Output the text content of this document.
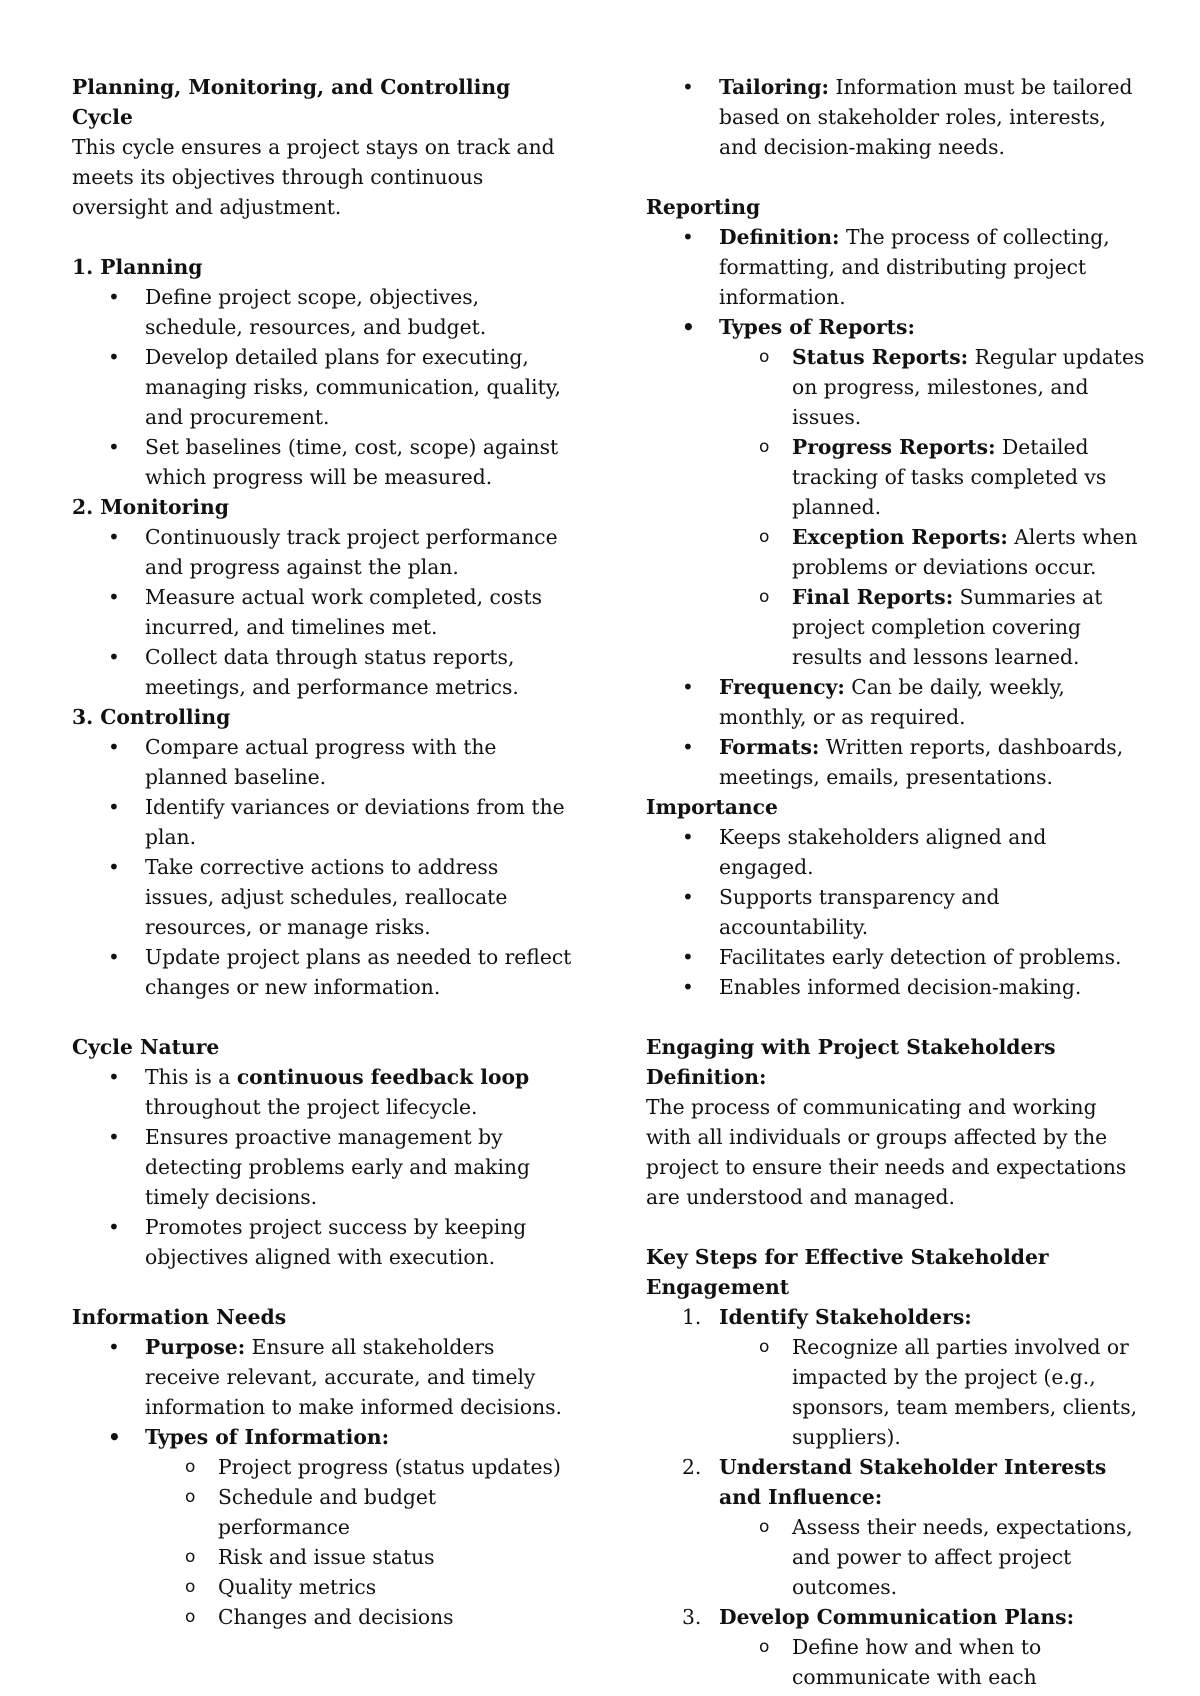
Planning, Monitoring, and Controlling Cycle
This cycle ensures a project stays on track and meets its objectives through continuous oversight and adjustment.
1. Planning
• Define project scope, objectives, schedule, resources, and budget.
• Develop detailed plans for executing, managing risks, communication, quality, and procurement.
• Set baselines (time, cost, scope) against which progress will be measured.
2. Monitoring
• Continuously track project performance and progress against the plan.
• Measure actual work completed, costs incurred, and timelines met.
• Collect data through status reports, meetings, and performance metrics.
3. Controlling
• Compare actual progress with the planned baseline.
• Identify variances or deviations from the plan.
• Take corrective actions to address issues, adjust schedules, reallocate resources, or manage risks.
• Update project plans as needed to reflect changes or new information.
Cycle Nature
• This is a continuous feedback loop throughout the project lifecycle.
• Ensures proactive management by detecting problems early and making timely decisions.
• Promotes project success by keeping objectives aligned with execution.
Information Needs
• Purpose: Ensure all stakeholders receive relevant, accurate, and timely information to make informed decisions.
• Types of Information:
o Project progress (status updates)
o Schedule and budget performance
o Risk and issue status
o Quality metrics
o Changes and decisions
• Tailoring: Information must be tailored based on stakeholder roles, interests, and decision-making needs.
Reporting
• Definition: The process of collecting, formatting, and distributing project information.
• Types of Reports:
o Status Reports: Regular updates on progress, milestones, and issues.
o Progress Reports: Detailed tracking of tasks completed vs planned.
o Exception Reports: Alerts when problems or deviations occur.
o Final Reports: Summaries at project completion covering results and lessons learned.
• Frequency: Can be daily, weekly, monthly, or as required.
• Formats: Written reports, dashboards, meetings, emails, presentations.
Importance
• Keeps stakeholders aligned and engaged.
• Supports transparency and accountability.
• Facilitates early detection of problems.
• Enables informed decision-making.
Engaging with Project Stakeholders
Definition:
The process of communicating and working with all individuals or groups affected by the project to ensure their needs and expectations are understood and managed.
Key Steps for Effective Stakeholder Engagement
1. Identify Stakeholders:
o Recognize all parties involved or impacted by the project (e.g., sponsors, team members, clients, suppliers).
2. Understand Stakeholder Interests and Influence:
o Assess their needs, expectations, and power to affect project outcomes.
3. Develop Communication Plans:
o Define how and when to communicate with each
